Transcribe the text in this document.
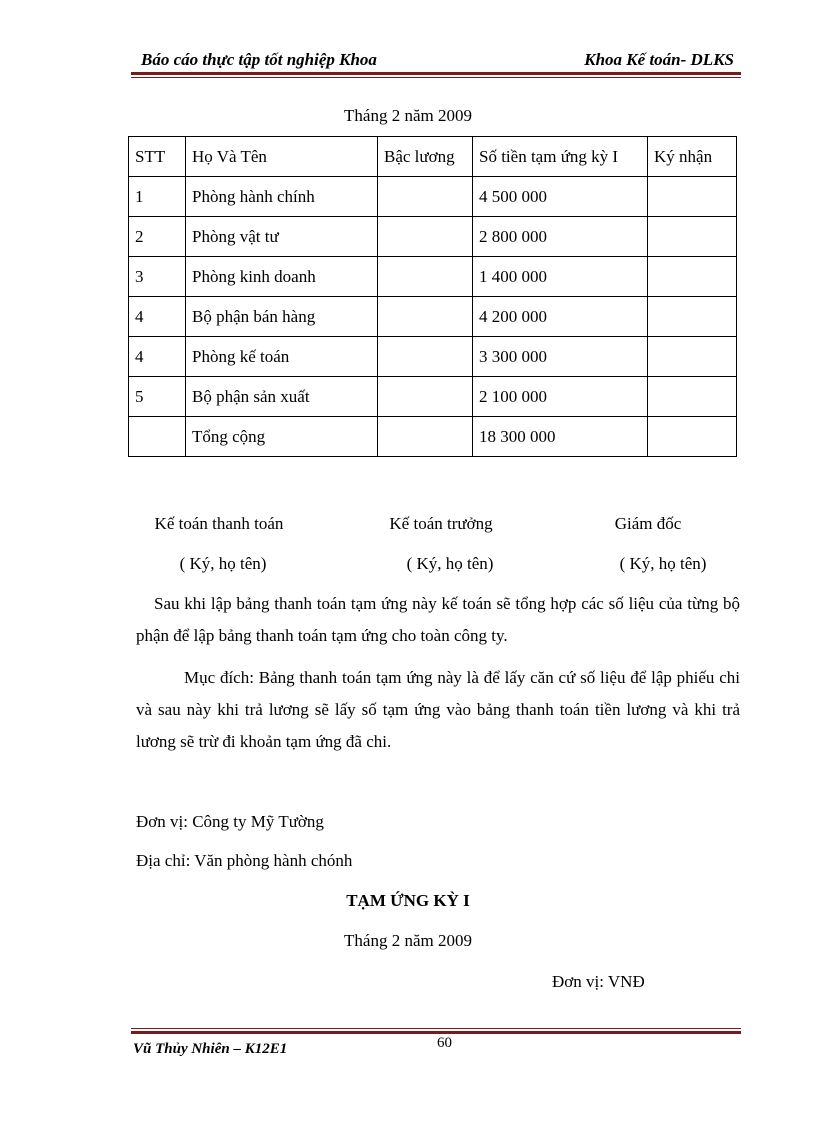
Báo cáo thực tập tốt nghiệp Khoa	Khoa Kế toán- DLKS
Tháng 2 năm 2009
STT	Họ Và Tên	Bậc lương	Số tiền tạm ứng kỳ I	Ký nhận
1	Phòng hành chính		4 500 000	
2	Phòng vật tư		2 800 000	
3	Phòng kinh doanh		1 400 000	
4	Bộ phận bán hàng		4 200 000	
4	Phòng kế toán		3 300 000	
5	Bộ phận sản xuất		2 100 000	
	Tổng cộng		18 300 000	
Kế toán thanh toán	Kế toán trưởng	Giám đốc
( Ký, họ tên)	( Ký, họ tên)	( Ký, họ tên)
Sau khi lập bảng thanh toán tạm ứng này kế toán sẽ tổng hợp các số liệu của từng bộ phận để lập bảng thanh toán tạm ứng cho toàn công ty.
Mục đích: Bảng thanh toán tạm ứng này là để lấy căn cứ số liệu để lập phiếu chi và sau này khi trả lương sẽ lấy số tạm ứng vào bảng thanh toán tiền lương và khi trả lương sẽ trừ đi khoản tạm ứng đã chi.
Đơn vị: Công ty Mỹ Tường
Địa chỉ: Văn phòng hành chónh
TẠM ỨNG KỲ I
Tháng 2 năm 2009
Đơn vị: VNĐ
60
Vũ Thủy Nhiên – K12E1
